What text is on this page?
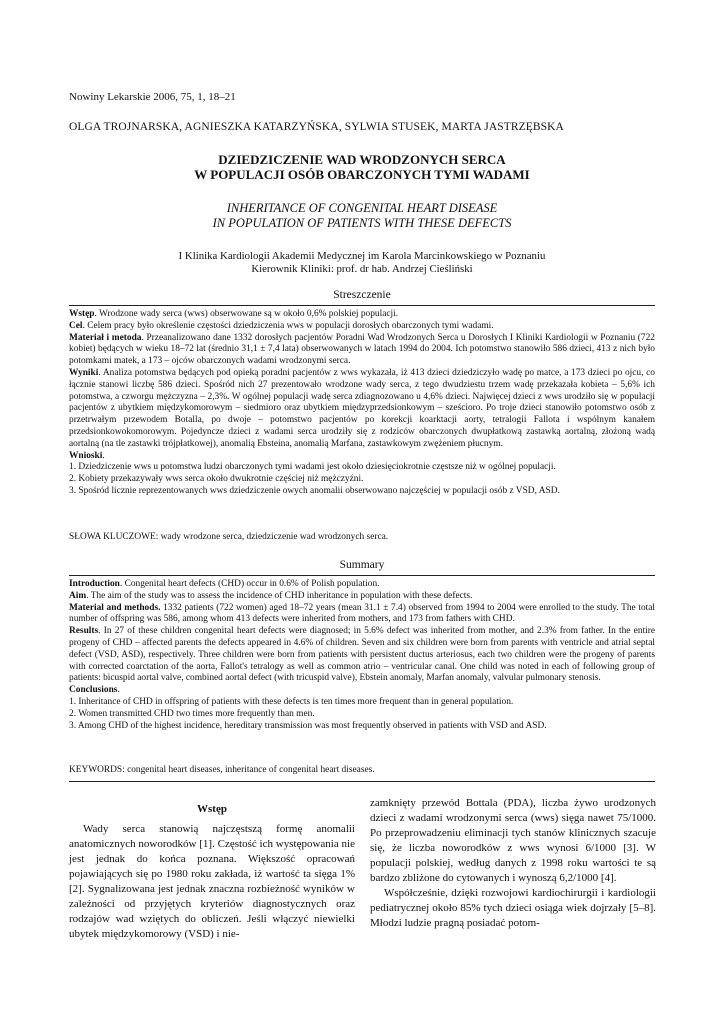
Nowiny Lekarskie 2006, 75, 1, 18–21
OLGA TROJNARSKA, AGNIESZKA KATARZYŃSKA, SYLWIA STUSEK, MARTA JASTRZĘBSKA
DZIEDZICZENIE WAD WRODZONYCH SERCA
W POPULACJI OSÓB OBARCZONYCH TYMI WADAMI
INHERITANCE OF CONGENITAL HEART DISEASE
IN POPULATION OF PATIENTS WITH THESE DEFECTS
I Klinika Kardiologii Akademii Medycznej im Karola Marcinkowskiego w Poznaniu
Kierownik Kliniki: prof. dr hab. Andrzej Cieśliński
Streszczenie

Wstęp. Wrodzone wady serca (wws) obserwowane są w około 0,6% polskiej populacji.

Cel. Celem pracy było określenie częstości dziedziczenia wws w populacji dorosłych obarczonych tymi wadami.

Materiał i metoda. Przeanalizowano dane 1332 dorosłych pacjentów Poradni Wad Wrodzonych Serca u Dorosłych I Kliniki Kardiologii w Poznaniu (722 kobiet) będących w wieku 18–72 lat (średnio 31,1 ± 7,4 lata) obserwowanych w latach 1994 do 2004. Ich potomstwo stanowiło 586 dzieci, 413 z nich było potomkami matek, a 173 – ojców obarczonych wadami wrodzonymi serca.

Wyniki. Analiza potomstwa będących pod opieką poradni pacjentów z wws wykazała, iż 413 dzieci dziedziczyło wadę po matce, a 173 dzieci po ojcu, co łącznie stanowi liczbę 586 dzieci. Spośród nich 27 prezentowało wrodzone wady serca, z tego dwudziestu trzem wadę przekazała kobieta – 5,6% ich potomstwa, a czworgu mężczyzna – 2,3%. W ogólnej populacji wadę serca zdiagnozowano u 4,6% dzieci. Najwięcej dzieci z wws urodziło się w populacji pacjentów z ubytkiem międzykomorowym – siedmioro oraz ubytkiem międzyprzedsionkowym – sześcioro. Po troje dzieci stanowiło potomstwo osób z przetrwałym przewodem Botalla, po dwoje – potomstwo pacjentów po korekcji koarktacji aorty, tetralogii Fallota i wspólnym kanałem przedsionkowokomorowym. Pojedyncze dzieci z wadami serca urodziły się z rodziców obarczonych dwupłatkową zastawką aortalną, złożoną wadą aortalną (na tle zastawki trójpłatkowej), anomalią Ebsteina, anomalią Marfana, zastawkowym zwężeniem płucnym.

Wnioski.

1. Dziedziczenie wws u potomstwa ludzi obarczonych tymi wadami jest około dziesięciokrotnie częstsze niż w ogólnej populacji.

2. Kobiety przekazywały wws serca około dwukrotnie częściej niż mężczyźni.

3. Spośród licznie reprezentowanych wws dziedziczenie owych anomalii obserwowano najczęściej w populacji osób z VSD, ASD.

SŁOWA KLUCZOWE: wady wrodzone serca, dziedziczenie wad wrodzonych serca.
Summary

Introduction. Congenital heart defects (CHD) occur in 0.6% of Polish population.

Aim. The aim of the study was to assess the incidence of CHD inheritance in population with these defects.

Material and methods. 1332 patients (722 women) aged 18–72 years (mean 31.1 ± 7.4) observed from 1994 to 2004 were enrolled to the study. The total number of offspring was 586, among whom 413 defects were inherited from mothers, and 173 from fathers with CHD.

Results. In 27 of these children congenital heart defects were diagnosed; in 5.6% defect was inherited from mother, and 2.3% from father. In the entire progeny of CHD – affected parents the defects appeared in 4.6% of children. Seven and six children were born from parents with ventricle and atrial septal defect (VSD, ASD), respectively. Three children were born from patients with persistent ductus arteriosus, each two children were the progeny of parents with corrected coarctation of the aorta, Fallot's tetralogy as well as common atrio – ventricular canal. One child was noted in each of following group of patients: bicuspid aortal valve, combined aortal defect (with tricuspid valve), Ebstein anomaly, Marfan anomaly, valvular pulmonary stenosis.

Conclusions.

1. Inheritance of CHD in offspring of patients with these defects is ten times more frequent than in general population.

2. Women transmitted CHD two times more frequently than men.

3. Among CHD of the highest incidence, hereditary transmission was most frequently observed in patients with VSD and ASD.

KEYWORDS: congenital heart diseases, inheritance of congenital heart diseases.
Wstęp

Wady serca stanowią najczęstszą formę anomalii anatomicznych noworodków [1]. Częstość ich występowania nie jest jednak do końca poznana. Większość opracowań pojawiających się po 1980 roku zakłada, iż wartość ta sięga 1% [2]. Sygnalizowana jest jednak znaczna rozbieżność wyników w zależności od przyjętych kryteriów diagnostycznych oraz rodzajów wad wziętych do obliczeń. Jeśli włączyć niewielki ubytek międzykomorowy (VSD) i nie-

zamknięty przewód Bottala (PDA), liczba żywo urodzonych dzieci z wadami wrodzonymi serca (wws) sięga nawet 75/1000. Po przeprowadzeniu eliminacji tych stanów klinicznych szacuje się, że liczba noworodków z wws wynosi 6/1000 [3]. W populacji polskiej, według danych z 1998 roku wartości te są bardzo zbliżone do cytowanych i wynoszą 6,2/1000 [4].

Współcześnie, dzięki rozwojowi kardiochirurgii i kardiologii pediatrycznej około 85% tych dzieci osiąga wiek dojrzały [5–8]. Młodzi ludzie pragną posiadać potom-
